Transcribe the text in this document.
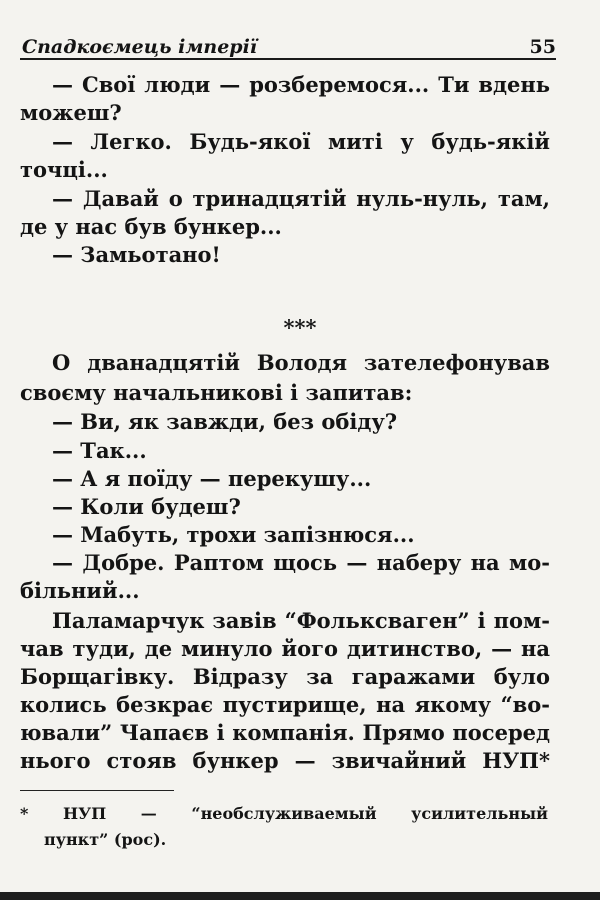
Спадкоємець імперії	55
— Свої люди — розберемося... Ти вдень
можеш?
— Легко. Будь-якої миті у будь-якій
точці...
— Давай о тринадцятій нуль-нуль, там,
де у нас був бункер...
— Замьотано!
***
О дванадцятій Володя зателефонував
своєму начальникові і запитав:
— Ви, як завжди, без обіду?
— Так...
— А я поїду — перекушу...
— Коли будеш?
— Мабуть, трохи запізнюся...
— Добре. Раптом щось — наберу на мо-
більний...
Паламарчук завів “Фольксваген” і пом-
чав туди, де минуло його дитинство, — на
Борщагівку. Відразу за гаражами було
колись безкрає пустирище, на якому “во-
ювали” Чапаєв і компанія. Прямо посеред
нього стояв бункер — звичайний НУП*
* НУП — “необслуживаемый усилительный
пункт” (рос).
